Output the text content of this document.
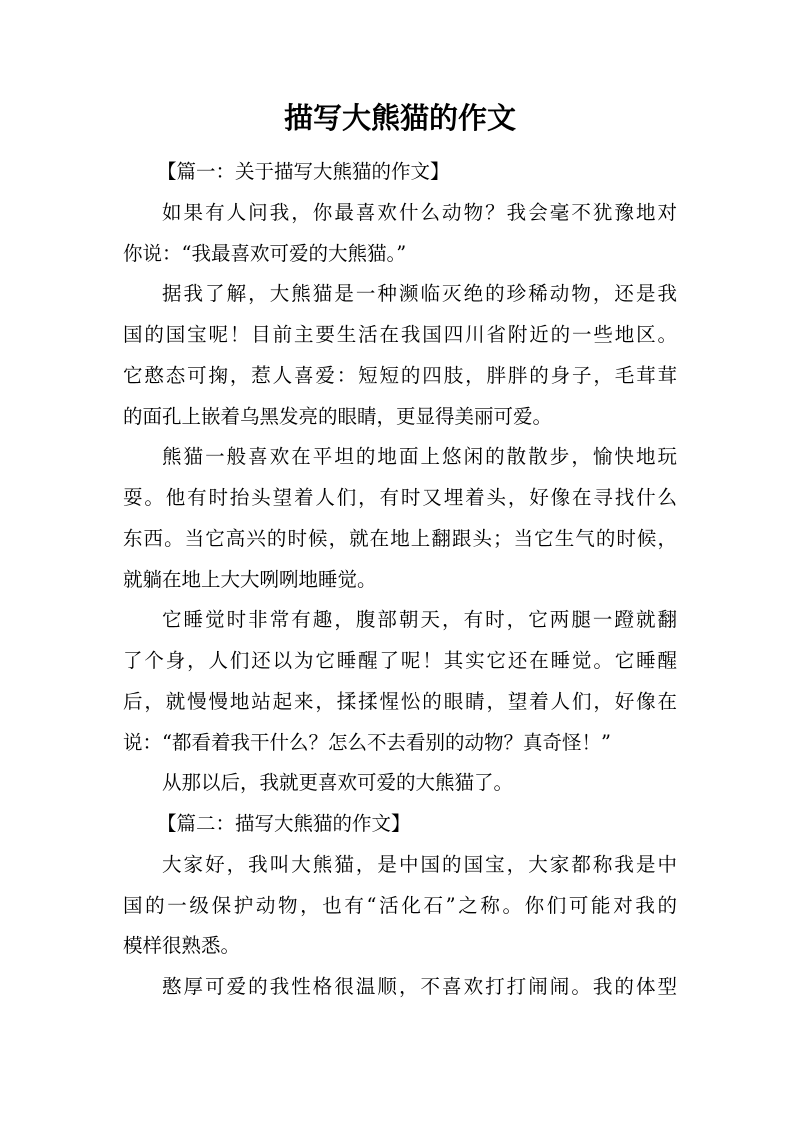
描写大熊猫的作文
【篇一：关于描写大熊猫的作文】
如果有人问我，你最喜欢什么动物？我会毫不犹豫地对
你说：“我最喜欢可爱的大熊猫。”
据我了解，大熊猫是一种濒临灭绝的珍稀动物，还是我
国的国宝呢！目前主要生活在我国四川省附近的一些地区。
它憨态可掬，惹人喜爱：短短的四肢，胖胖的身子，毛茸茸
的面孔上嵌着乌黑发亮的眼睛，更显得美丽可爱。
熊猫一般喜欢在平坦的地面上悠闲的散散步，愉快地玩
耍。他有时抬头望着人们，有时又埋着头，好像在寻找什么
东西。当它高兴的时候，就在地上翻跟头；当它生气的时候，
就躺在地上大大咧咧地睡觉。
它睡觉时非常有趣，腹部朝天，有时，它两腿一蹬就翻
了个身，人们还以为它睡醒了呢！其实它还在睡觉。它睡醒
后，就慢慢地站起来，揉揉惺忪的眼睛，望着人们，好像在
说：“都看着我干什么？怎么不去看别的动物？真奇怪！”
从那以后，我就更喜欢可爱的大熊猫了。
【篇二：描写大熊猫的作文】
大家好，我叫大熊猫，是中国的国宝，大家都称我是中
国的一级保护动物，也有“活化石”之称。你们可能对我的
模样很熟悉。
憨厚可爱的我性格很温顺，不喜欢打打闹闹。我的体型
